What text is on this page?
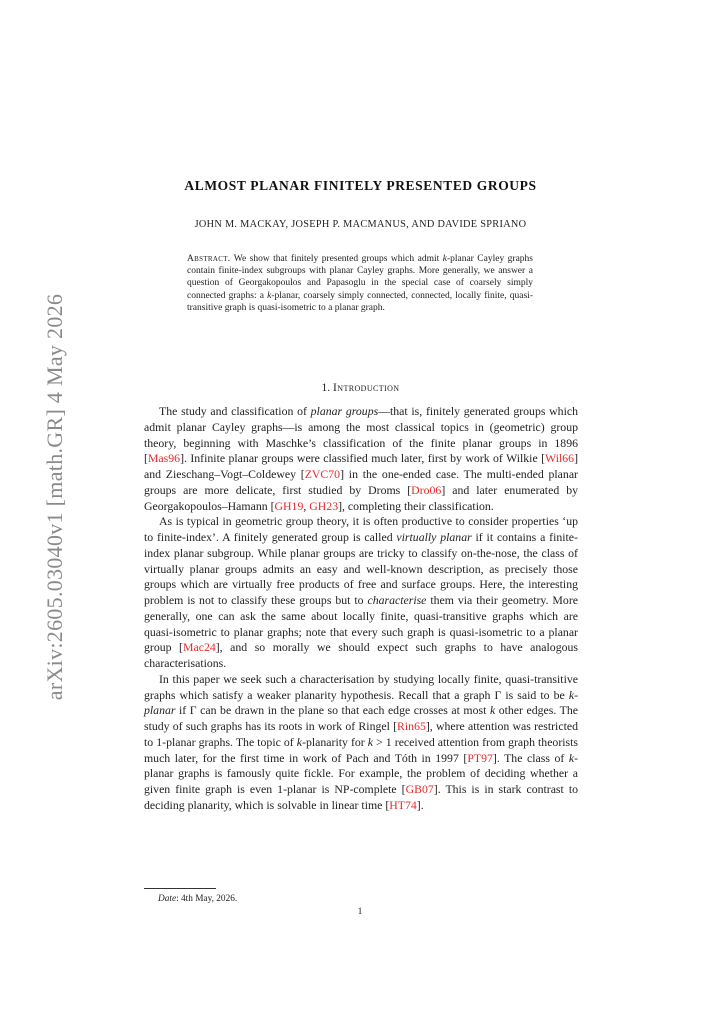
arXiv:2605.03040v1 [math.GR] 4 May 2026
ALMOST PLANAR FINITELY PRESENTED GROUPS
JOHN M. MACKAY, JOSEPH P. MACMANUS, AND DAVIDE SPRIANO
Abstract. We show that finitely presented groups which admit k-planar Cayley graphs contain finite-index subgroups with planar Cayley graphs. More generally, we answer a question of Georgakopoulos and Papasoglu in the special case of coarsely simply connected graphs: a k-planar, coarsely simply connected, connected, locally finite, quasi-transitive graph is quasi-isometric to a planar graph.
1. Introduction

The study and classification of planar groups—that is, finitely generated groups which admit planar Cayley graphs—is among the most classical topics in (geometric) group theory, beginning with Maschke’s classification of the finite planar groups in 1896 [Mas96]. Infinite planar groups were classified much later, first by work of Wilkie [Wil66] and Zieschang–Vogt–Coldewey [ZVC70] in the one-ended case. The multi-ended planar groups are more delicate, first studied by Droms [Dro06] and later enumerated by Georgakopoulos–Hamann [GH19, GH23], completing their classification.

As is typical in geometric group theory, it is often productive to consider properties ‘up to finite-index’. A finitely generated group is called virtually planar if it contains a finite-index planar subgroup. While planar groups are tricky to classify on-the-nose, the class of virtually planar groups admits an easy and well-known description, as precisely those groups which are virtually free products of free and surface groups. Here, the interesting problem is not to classify these groups but to characterise them via their geometry. More generally, one can ask the same about locally finite, quasi-transitive graphs which are quasi-isometric to planar graphs; note that every such graph is quasi-isometric to a planar group [Mac24], and so morally we should expect such graphs to have analogous characterisations.

In this paper we seek such a characterisation by studying locally finite, quasi-transitive graphs which satisfy a weaker planarity hypothesis. Recall that a graph Γ is said to be k-planar if Γ can be drawn in the plane so that each edge crosses at most k other edges. The study of such graphs has its roots in work of Ringel [Rin65], where attention was restricted to 1-planar graphs. The topic of k-planarity for k > 1 received attention from graph theorists much later, for the first time in work of Pach and Tóth in 1997 [PT97]. The class of k-planar graphs is famously quite fickle. For example, the problem of deciding whether a given finite graph is even 1-planar is NP-complete [GB07]. This is in stark contrast to deciding planarity, which is solvable in linear time [HT74].

Date: 4th May, 2026.
1
